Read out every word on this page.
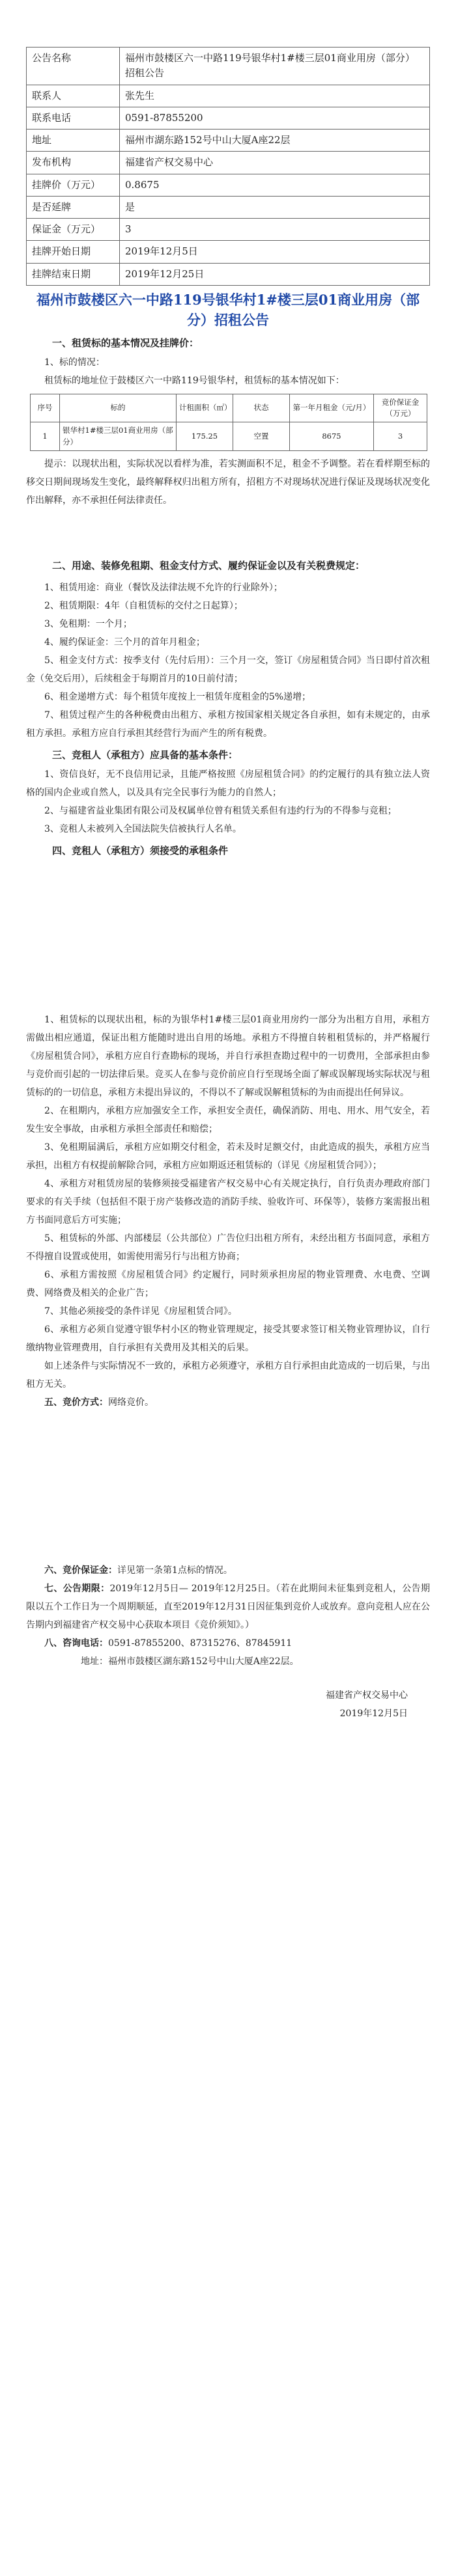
公告名称	福州市鼓楼区六一中路119号银华村1#楼三层01商业用房（部分）招租公告
联系人	张先生
联系电话	0591-87855200
地址	福州市湖东路152号中山大厦A座22层
发布机构	福建省产权交易中心
挂牌价（万元）	0.8675
是否延牌	是
保证金（万元）	3
挂牌开始日期	2019年12月5日
挂牌结束日期	2019年12月25日
福州市鼓楼区六一中路119号银华村1#楼三层01商业用房（部分）招租公告
一、租赁标的基本情况及挂牌价：

1、标的情况：

租赁标的地址位于鼓楼区六一中路119号银华村，租赁标的基本情况如下：

序号	标的	计租面积（㎡）	状态	第一年月租金（元/月）	竞价保证金（万元）
1	银华村1#楼三层01商业用房（部分）	175.25	空置	8675	3

提示：以现状出租，实际状况以看样为准，若实测面积不足，租金不予调整。若在看样期至标的移交日期间现场发生变化，最终解释权归出租方所有，招租方不对现场状况进行保证及现场状况变化作出解释，亦不承担任何法律责任。

二、用途、装修免租期、租金支付方式、履约保证金以及有关税费规定：

1、租赁用途：商业（餐饮及法律法规不允许的行业除外）；

2、租赁期限：4年（自租赁标的交付之日起算）；

3、免租期：一个月；

4、履约保证金：三个月的首年月租金；

5、租金支付方式：按季支付（先付后用）：三个月一交，签订《房屋租赁合同》当日即付首次租金（免交后用），后续租金于每期首月的10日前付清；

6、租金递增方式：每个租赁年度按上一租赁年度租金的5%递增；

7、租赁过程产生的各种税费由出租方、承租方按国家相关规定各自承担，如有未规定的，由承租方承担。承租方应自行承担其经营行为而产生的所有税费。

三、竞租人（承租方）应具备的基本条件：

1、资信良好，无不良信用记录，且能严格按照《房屋租赁合同》的约定履行的具有独立法人资格的国内企业或自然人，以及具有完全民事行为能力的自然人；

2、与福建省益业集团有限公司及权属单位曾有租赁关系但有违约行为的不得参与竞租；

3、竞租人未被列入全国法院失信被执行人名单。

四、竞租人（承租方）须接受的承租条件

1、租赁标的以现状出租，标的为银华村1#楼三层01商业用房约一部分为出租方自用，承租方需做出相应通道，保证出租方能随时进出自用的场地。承租方不得擅自转租租赁标的，并严格履行《房屋租赁合同》，承租方应自行查勘标的现场，并自行承担查勘过程中的一切费用，全部承担由参与竞价而引起的一切法律后果。竞买人在参与竞价前应自行至现场全面了解或误解现场实际状况与租赁标的的一切信息，承租方未提出异议的，不得以不了解或误解租赁标的为由而提出任何异议。

2、在租期内，承租方应加强安全工作，承担安全责任，确保消防、用电、用水、用气安全，若发生安全事故，由承租方承担全部责任和赔偿；

3、免租期届满后，承租方应如期交付租金，若未及时足额交付，由此造成的损失，承租方应当承担，出租方有权提前解除合同，承租方应如期返还租赁标的（详见《房屋租赁合同》）；

4、承租方对租赁房屋的装修须接受福建省产权交易中心有关规定执行，自行负责办理政府部门要求的有关手续（包括但不限于房产装修改造的消防手续、验收许可、环保等），装修方案需报出租方书面同意后方可实施；

5、租赁标的外部、内部楼层（公共部位）广告位归出租方所有，未经出租方书面同意，承租方不得擅自设置或使用，如需使用需另行与出租方协商；

6、承租方需按照《房屋租赁合同》约定履行，同时须承担房屋的物业管理费、水电费、空调费、网络费及相关的企业广告；

7、其他必须接受的条件详见《房屋租赁合同》。

6、承租方必须自觉遵守银华村小区的物业管理规定，接受其要求签订相关物业管理协议，自行缴纳物业管理费用，自行承担有关费用及其相关的后果。

如上述条件与实际情况不一致的，承租方必须遵守，承租方自行承担由此造成的一切后果，与出租方无关。

五、竞价方式：网络竞价。

六、竞价保证金：详见第一条第1点标的情况。

七、公告期限：2019年12月5日— 2019年12月25日。（若在此期间未征集到竞租人，公告期限以五个工作日为一个周期顺延，直至2019年12月31日因征集到竞价人或放弃。意向竞租人应在公告期内到福建省产权交易中心获取本项目《竞价须知》。）

八、咨询电话：0591-87855200、87315276、87845911

地址：福州市鼓楼区湖东路152号中山大厦A座22层。

福建省产权交易中心

2019年12月5日
